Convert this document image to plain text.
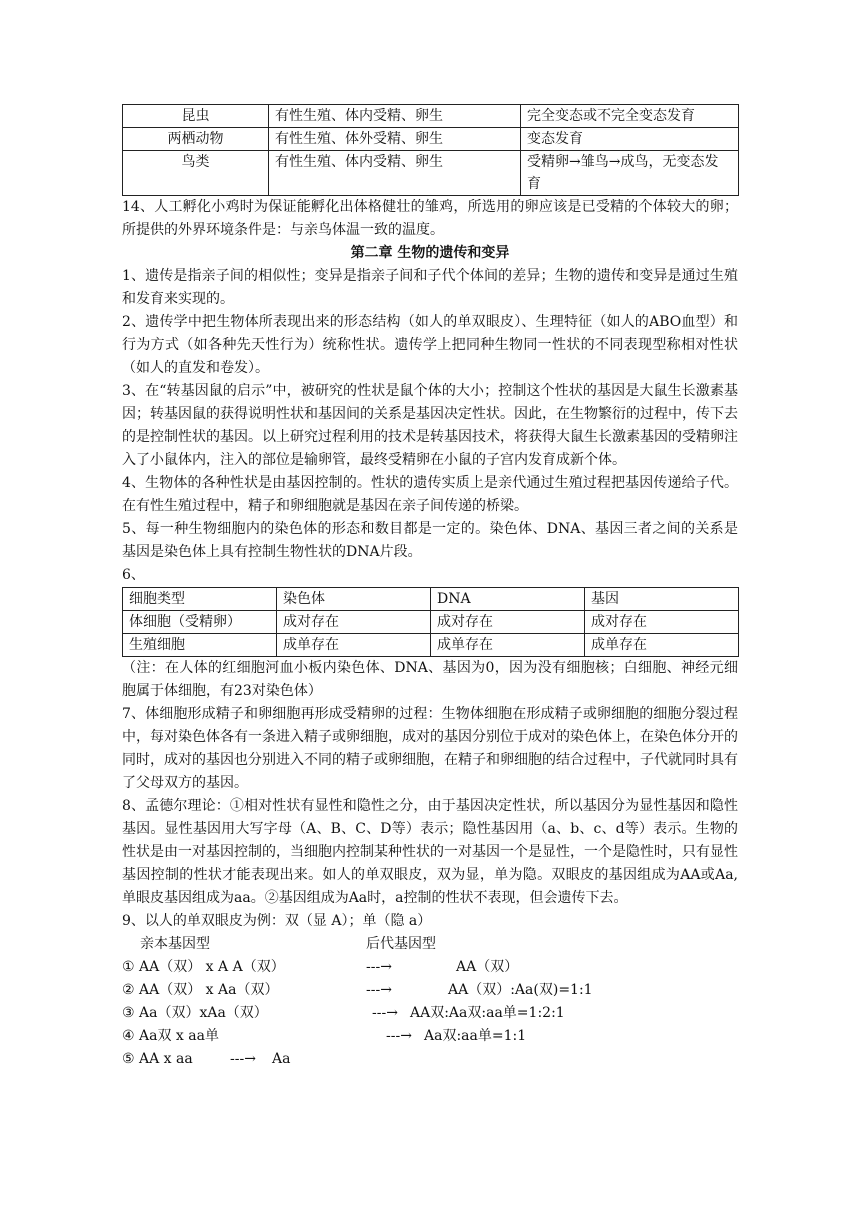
昆虫	有性生殖、体内受精、卵生	完全变态或不完全变态发育
两栖动物	有性生殖、体外受精、卵生	变态发育
鸟类	有性生殖、体内受精、卵生	受精卵→雏鸟→成鸟，无变态发育

14、人工孵化小鸡时为保证能孵化出体格健壮的雏鸡，所选用的卵应该是已受精的个体较大的卵；所提供的外界环境条件是：与亲鸟体温一致的温度。

第二章 生物的遗传和变异

1、遗传是指亲子间的相似性；变异是指亲子间和子代个体间的差异；生物的遗传和变异是通过生殖和发育来实现的。

2、遗传学中把生物体所表现出来的形态结构（如人的单双眼皮）、生理特征（如人的ABO血型）和行为方式（如各种先天性行为）统称性状。遗传学上把同种生物同一性状的不同表现型称相对性状（如人的直发和卷发）。

3、在“转基因鼠的启示”中，被研究的性状是鼠个体的大小；控制这个性状的基因是大鼠生长激素基因；转基因鼠的获得说明性状和基因间的关系是基因决定性状。因此，在生物繁衍的过程中，传下去的是控制性状的基因。以上研究过程利用的技术是转基因技术，将获得大鼠生长激素基因的受精卵注入了小鼠体内，注入的部位是输卵管，最终受精卵在小鼠的子宫内发育成新个体。

4、生物体的各种性状是由基因控制的。性状的遗传实质上是亲代通过生殖过程把基因传递给子代。在有性生殖过程中，精子和卵细胞就是基因在亲子间传递的桥梁。

5、每一种生物细胞内的染色体的形态和数目都是一定的。染色体、DNA、基因三者之间的关系是基因是染色体上具有控制生物性状的DNA片段。

6、

细胞类型	染色体	DNA	基因
体细胞（受精卵）	成对存在	成对存在	成对存在
生殖细胞	成单存在	成单存在	成单存在

（注：在人体的红细胞河血小板内染色体、DNA、基因为0，因为没有细胞核；白细胞、神经元细胞属于体细胞，有23对染色体）

7、体细胞形成精子和卵细胞再形成受精卵的过程：生物体细胞在形成精子或卵细胞的细胞分裂过程中，每对染色体各有一条进入精子或卵细胞，成对的基因分别位于成对的染色体上，在染色体分开的同时，成对的基因也分别进入不同的精子或卵细胞，在精子和卵细胞的结合过程中，子代就同时具有了父母双方的基因。

8、孟德尔理论：①相对性状有显性和隐性之分，由于基因决定性状，所以基因分为显性基因和隐性基因。显性基因用大写字母（A、B、C、D等）表示；隐性基因用（a、b、c、d等）表示。生物的性状是由一对基因控制的，当细胞内控制某种性状的一对基因一个是显性，一个是隐性时，只有显性基因控制的性状才能表现出来。如人的单双眼皮，双为显，单为隐。双眼皮的基因组成为AA或Aa,单眼皮基因组成为aa。②基因组成为Aa时，a控制的性状不表现，但会遗传下去。

9、以人的单双眼皮为例：双（显 A）；单（隐 a）

亲本基因型	后代基因型
① AA（双） x A A（双）	---→	AA（双）
② AA（双） x Aa（双）	---→	AA（双）:Aa(双)=1:1
③ Aa（双）xAa（双）	---→ AA双:Aa双:aa单=1:2:1
④ Aa双 x aa单	---→ Aa双:aa单=1:1
⑤ AA x aa	---→ Aa
